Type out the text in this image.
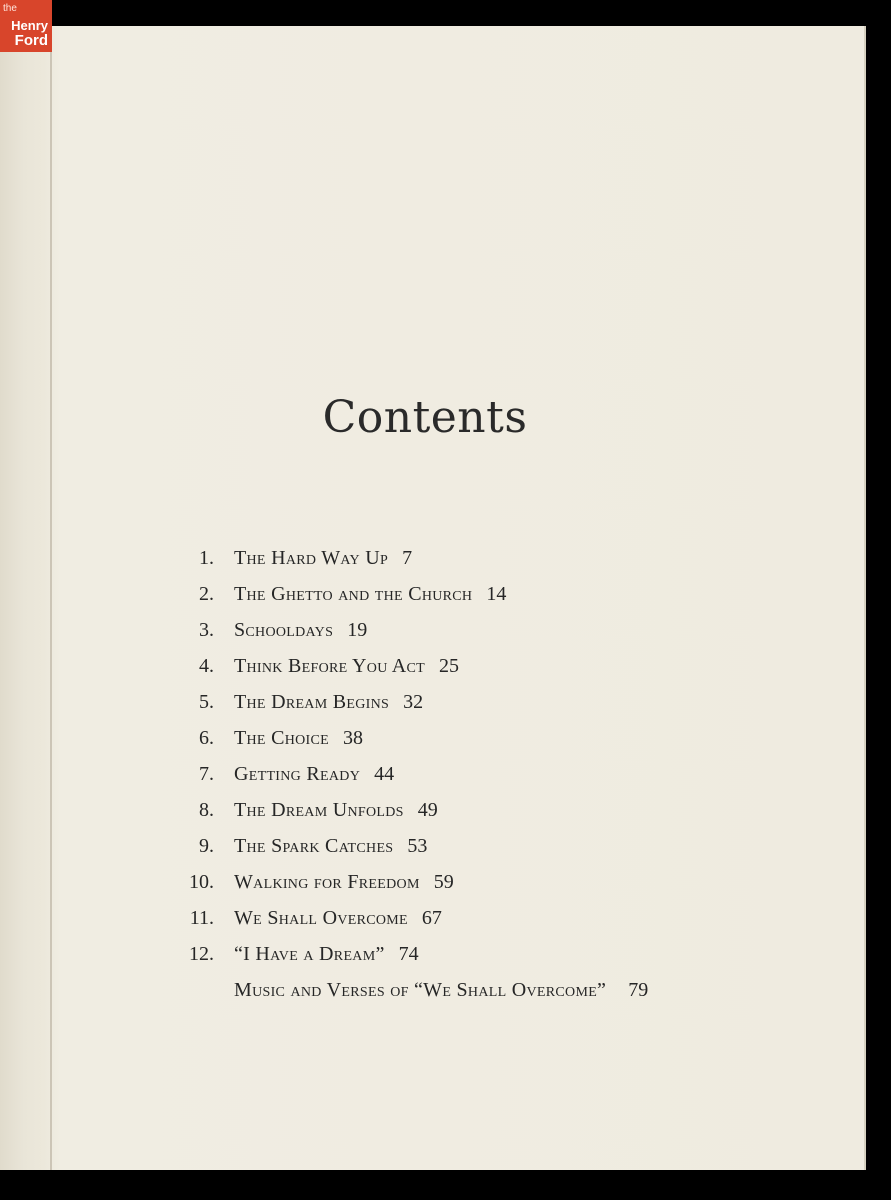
the
Henry
Ford
Contents
1. The Hard Way Up 7
2. The Ghetto and the Church 14
3. Schooldays 19
4. Think Before You Act 25
5. The Dream Begins 32
6. The Choice 38
7. Getting Ready 44
8. The Dream Unfolds 49
9. The Spark Catches 53
10. Walking for Freedom 59
11. We Shall Overcome 67
12. “I Have a Dream” 74
Music and Verses of “We Shall Overcome” 79
